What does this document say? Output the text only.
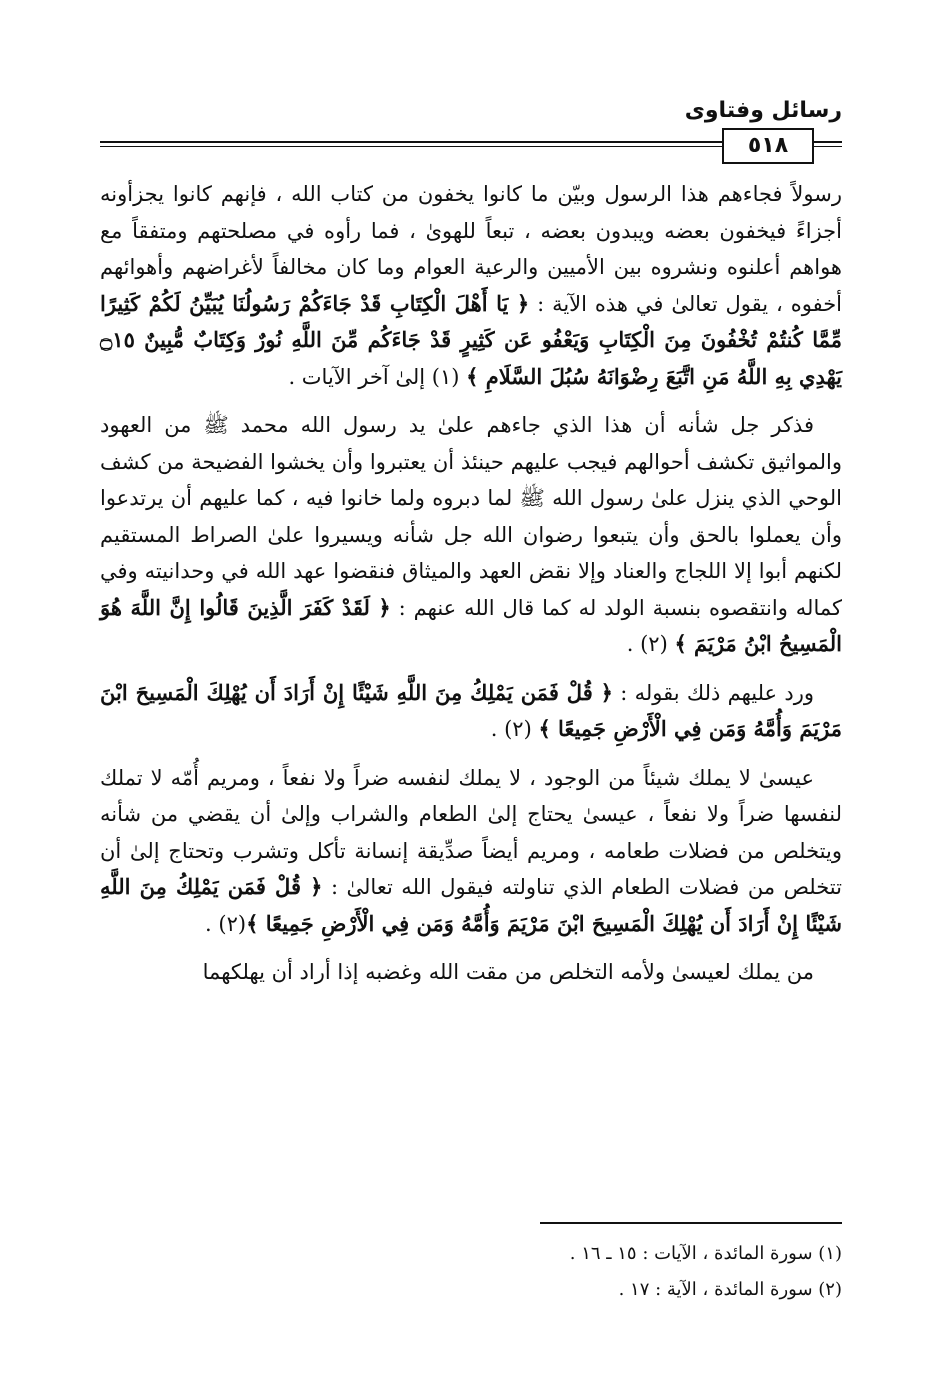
رسائل وفتاوى
٥١٨

رسولاً فجاءهم هذا الرسول وبيّن ما كانوا يخفون من كتاب الله ، فإنهم كانوا يجزأونه أجزاءً فيخفون بعضه ويبدون بعضه ، تبعاً للهوىٰ ، فما رأوه في مصلحتهم ومتفقاً مع هواهم أعلنوه ونشروه بين الأميين والرعية العوام وما كان مخالفاً لأغراضهم وأهوائهم أخفوه ، يقول تعالىٰ في هذه الآية : ﴿ يَا أَهْلَ الْكِتَابِ قَدْ جَاءَكُمْ رَسُولُنَا يُبَيِّنُ لَكُمْ كَثِيرًا مِّمَّا كُنتُمْ تُخْفُونَ مِنَ الْكِتَابِ وَيَعْفُو عَن كَثِيرٍ قَدْ جَاءَكُم مِّنَ اللَّهِ نُورٌ وَكِتَابٌ مُّبِينٌ ۝١٥ يَهْدِي بِهِ اللَّهُ مَنِ اتَّبَعَ رِضْوَانَهُ سُبُلَ السَّلَامِ ﴾ (١) إلىٰ آخر الآيات .

فذكر جل شأنه أن هذا الذي جاءهم علىٰ يد رسول الله محمد ﷺ من العهود والمواثيق تكشف أحوالهم فيجب عليهم حينئذ أن يعتبروا وأن يخشوا الفضيحة من كشف الوحي الذي ينزل علىٰ رسول الله ﷺ لما دبروه ولما خانوا فيه ، كما عليهم أن يرتدعوا وأن يعملوا بالحق وأن يتبعوا رضوان الله جل شأنه ويسيروا علىٰ الصراط المستقيم لكنهم أبوا إلا اللجاج والعناد وإلا نقض العهد والميثاق فنقضوا عهد الله في وحدانيته وفي كماله وانتقصوه بنسبة الولد له كما قال الله عنهم : ﴿ لَقَدْ كَفَرَ الَّذِينَ قَالُوا إِنَّ اللَّهَ هُوَ الْمَسِيحُ ابْنُ مَرْيَمَ ﴾ (٢) .

ورد عليهم ذلك بقوله : ﴿ قُلْ فَمَن يَمْلِكُ مِنَ اللَّهِ شَيْئًا إِنْ أَرَادَ أَن يُهْلِكَ الْمَسِيحَ ابْنَ مَرْيَمَ وَأُمَّهُ وَمَن فِي الْأَرْضِ جَمِيعًا ﴾ (٢) .

عيسىٰ لا يملك شيئاً من الوجود ، لا يملك لنفسه ضراً ولا نفعاً ، ومريم أُمّه لا تملك لنفسها ضراً ولا نفعاً ، عيسىٰ يحتاج إلىٰ الطعام والشراب وإلىٰ أن يقضي من شأنه ويتخلص من فضلات طعامه ، ومريم أيضاً صدِّيقة إنسانة تأكل وتشرب وتحتاج إلىٰ أن تتخلص من فضلات الطعام الذي تناولته فيقول الله تعالىٰ : ﴿ قُلْ فَمَن يَمْلِكُ مِنَ اللَّهِ شَيْئًا إِنْ أَرَادَ أَن يُهْلِكَ الْمَسِيحَ ابْنَ مَرْيَمَ وَأُمَّهُ وَمَن فِي الْأَرْضِ جَمِيعًا ﴾(٢) .

من يملك لعيسىٰ ولأمه التخلص من مقت الله وغضبه إذا أراد أن يهلكهما

(١) سورة المائدة ، الآيات : ١٥ ـ ١٦ .
(٢) سورة المائدة ، الآية : ١٧ .
